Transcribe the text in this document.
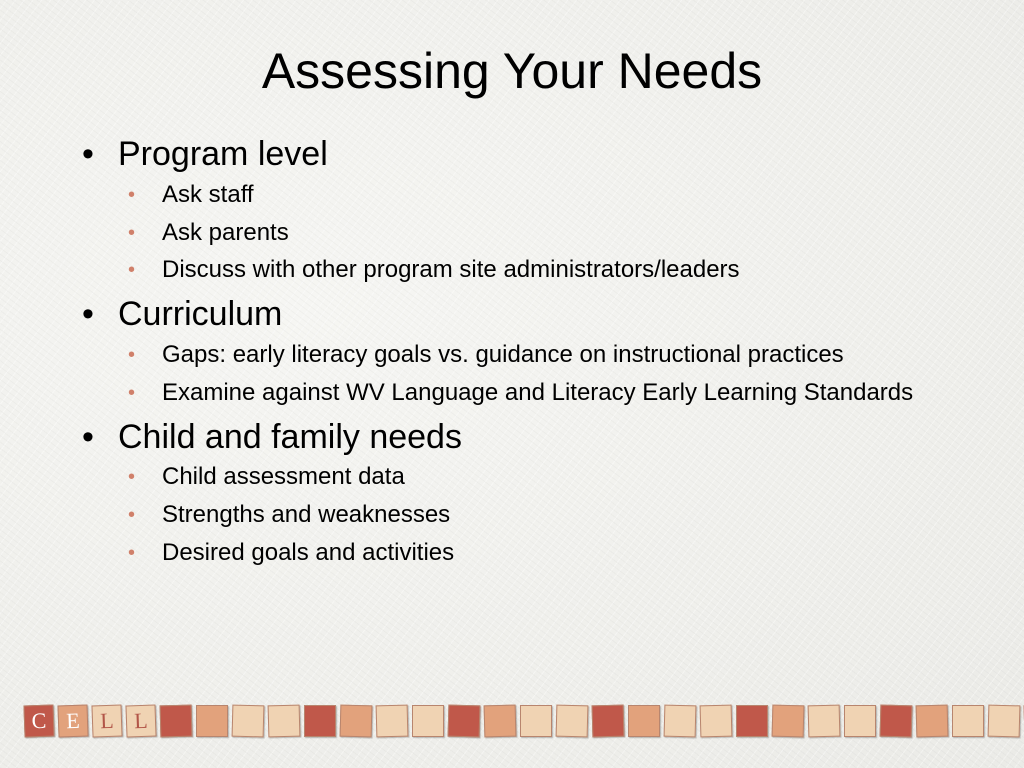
Assessing Your Needs
• Program level
•	Ask staff
•	Ask parents
•	Discuss with other program site administrators/leaders
• Curriculum
•	Gaps: early literacy goals vs. guidance on instructional practices
•	Examine against WV Language and Literacy Early Learning Standards
• Child and family needs
•	Child assessment data
•	Strengths and weaknesses
•	Desired goals and activities
C E L L
